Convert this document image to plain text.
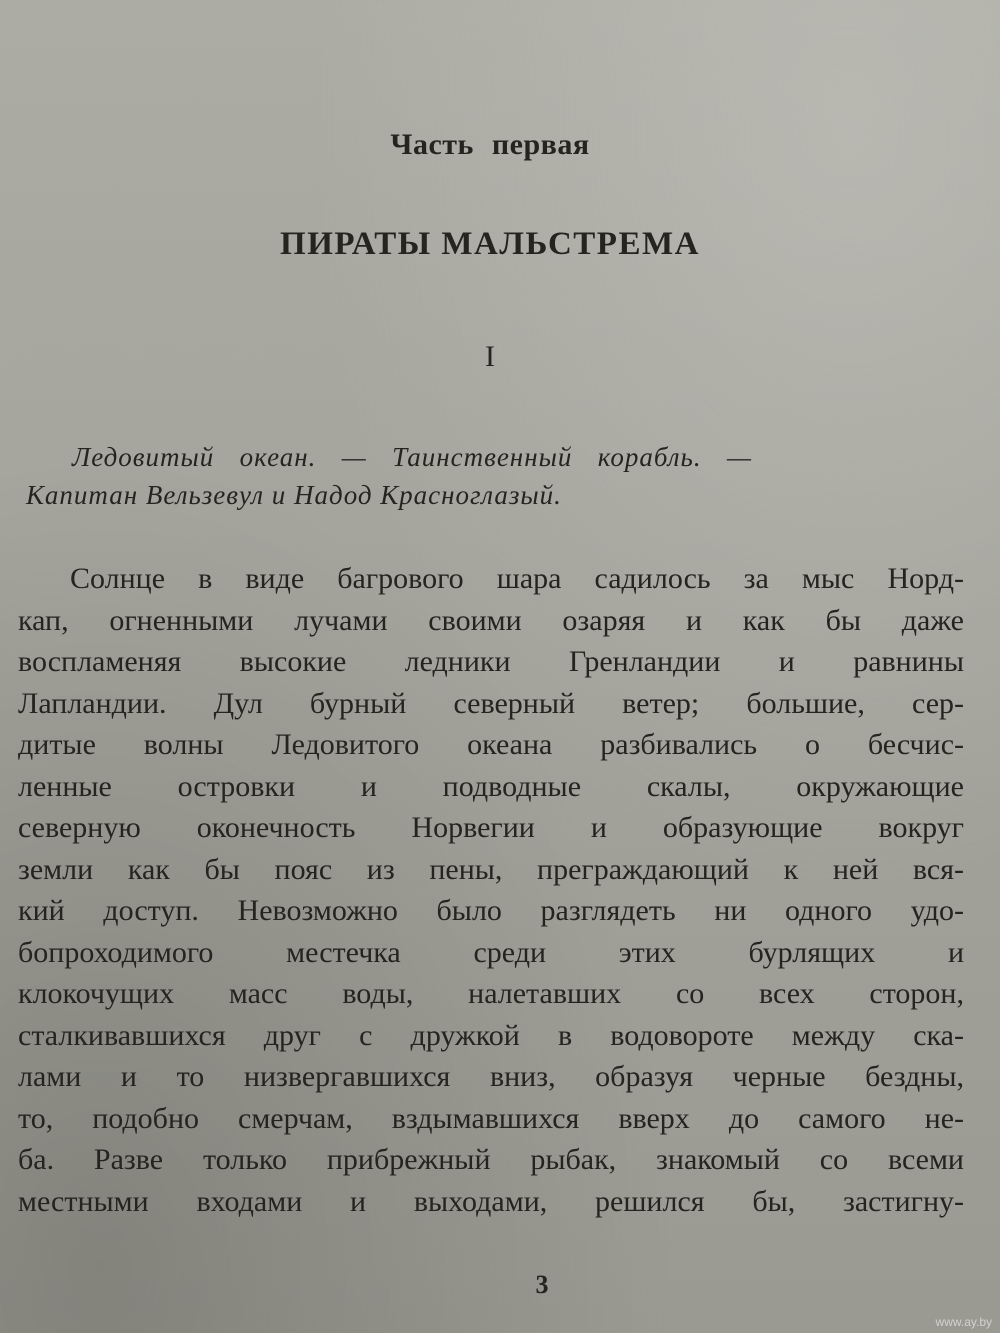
Часть первая
ПИРАТЫ МАЛЬСТРЕМА
I
Ледовитый океан. — Таинственный корабль. —
Капитан Вельзевул и Надод Красноглазый.
Солнце в виде багрового шара садилось за мыс Норд-
кап, огненными лучами своими озаряя и как бы даже
воспламеняя высокие ледники Гренландии и равнины
Лапландии. Дул бурный северный ветер; большие, сер-
дитые волны Ледовитого океана разбивались о бесчис-
ленные островки и подводные скалы, окружающие
северную оконечность Норвегии и образующие вокруг
земли как бы пояс из пены, преграждающий к ней вся-
кий доступ. Невозможно было разглядеть ни одного удо-
бопроходимого местечка среди этих бурлящих и
клокочущих масс воды, налетавших со всех сторон,
сталкивавшихся друг с дружкой в водовороте между ска-
лами и то низвергавшихся вниз, образуя черные бездны,
то, подобно смерчам, вздымавшихся вверх до самого не-
ба. Разве только прибрежный рыбак, знакомый со всеми
местными входами и выходами, решился бы, застигну-
3
www.ay.by
